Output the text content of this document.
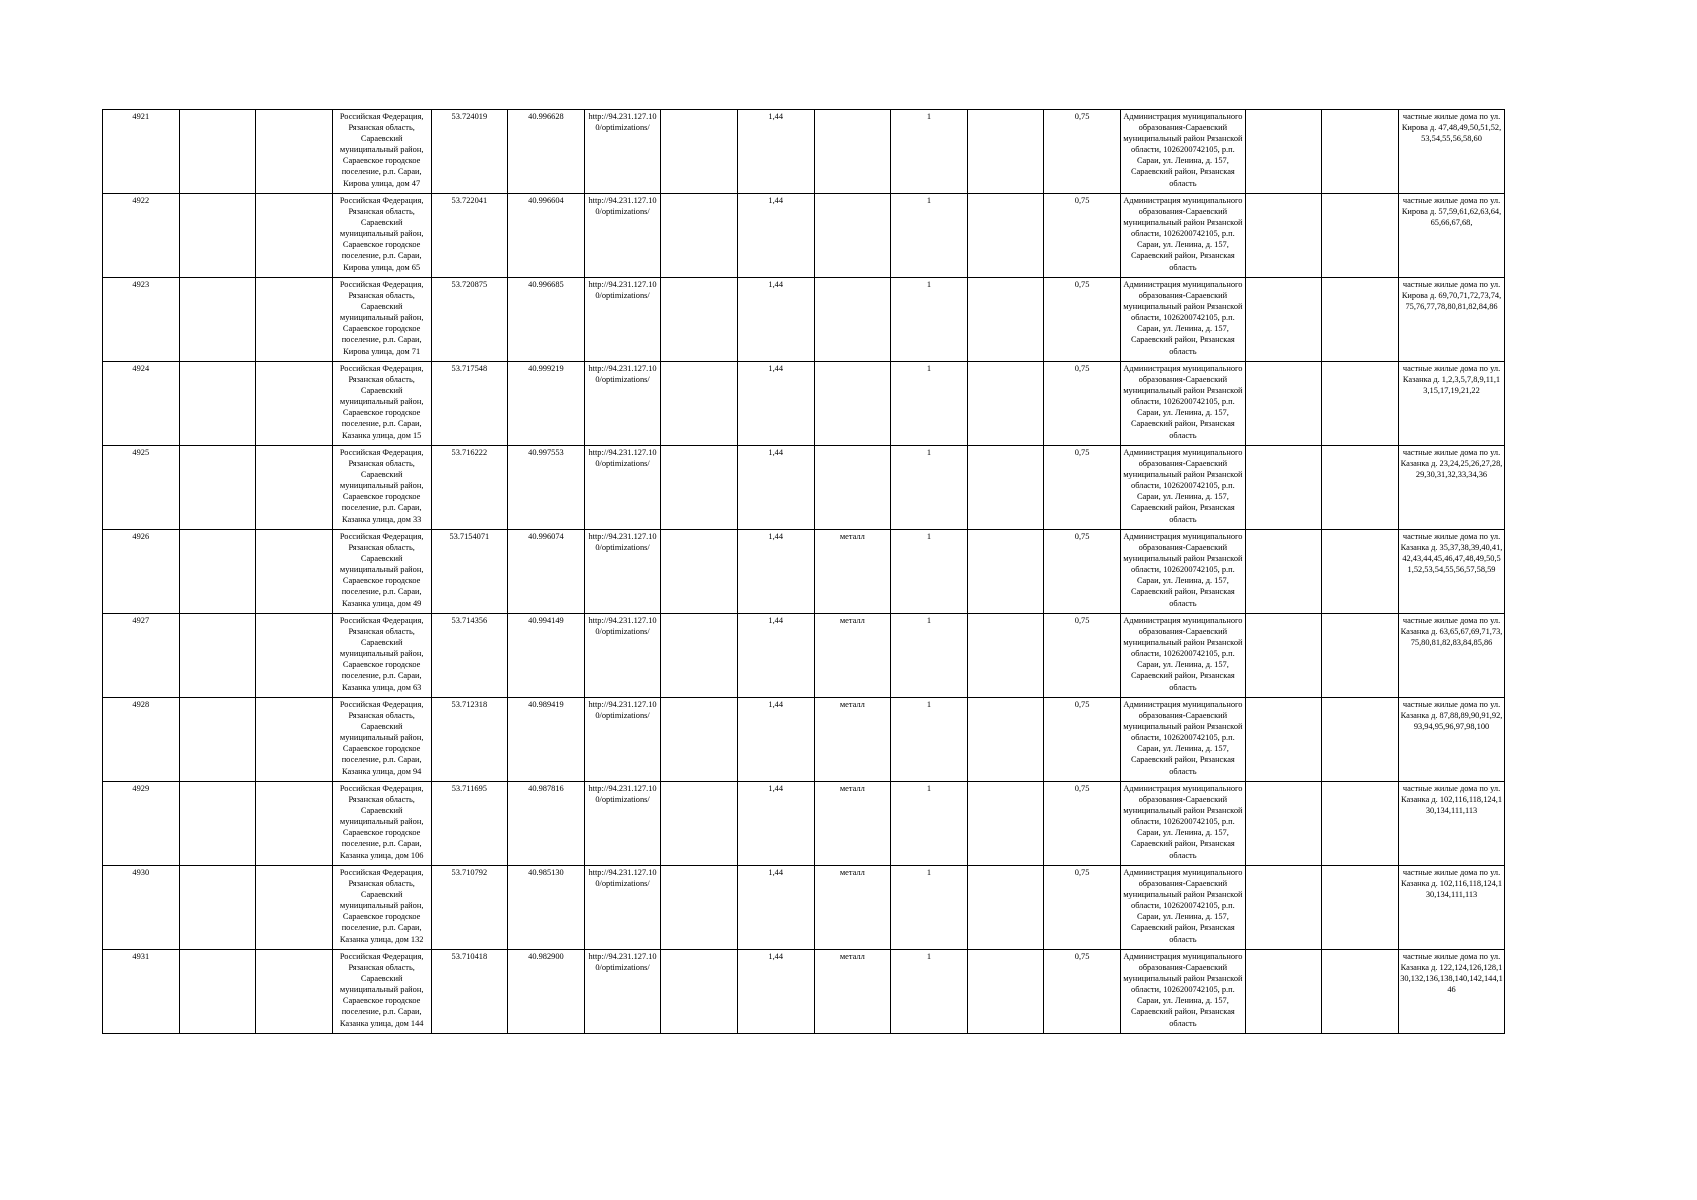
4921			Российская Федерация, Рязанская область, Сараевский муниципальный район, Сараевское городское поселение, р.п. Сараи, Кирова улица, дом 47	53.724019	40.996628	http://94.231.127.100/optimizations/		1,44		1		0,75	Администрация муниципального образования-Сараевский муниципальный район Рязанской области, 1026200742105, р.п. Сараи, ул. Ленина, д. 157, Сараевский район, Рязанская область			частные жилые дома по ул. Кирова д. 47,48,49,50,51,52,53,54,55,56,58,60
4922			Российская Федерация, Рязанская область, Сараевский муниципальный район, Сараевское городское поселение, р.п. Сараи, Кирова улица, дом 65	53.722041	40.996604	http://94.231.127.100/optimizations/		1,44		1		0,75	Администрация муниципального образования-Сараевский муниципальный район Рязанской области, 1026200742105, р.п. Сараи, ул. Ленина, д. 157, Сараевский район, Рязанская область			частные жилые дома по ул. Кирова д. 57,59,61,62,63,64,65,66,67,68,
4923			Российская Федерация, Рязанская область, Сараевский муниципальный район, Сараевское городское поселение, р.п. Сараи, Кирова улица, дом 71	53.720875	40.996685	http://94.231.127.100/optimizations/		1,44		1		0,75	Администрация муниципального образования-Сараевский муниципальный район Рязанской области, 1026200742105, р.п. Сараи, ул. Ленина, д. 157, Сараевский район, Рязанская область			частные жилые дома по ул. Кирова д. 69,70,71,72,73,74,75,76,77,78,80,81,82,84,86
4924			Российская Федерация, Рязанская область, Сараевский муниципальный район, Сараевское городское поселение, р.п. Сараи, Казанка улица, дом 15	53.717548	40.999219	http://94.231.127.100/optimizations/		1,44		1		0,75	Администрация муниципального образования-Сараевский муниципальный район Рязанской области, 1026200742105, р.п. Сараи, ул. Ленина, д. 157, Сараевский район, Рязанская область			частные жилые дома по ул. Казанка д. 1,2,3,5,7,8,9,11,13,15,17,19,21,22
4925			Российская Федерация, Рязанская область, Сараевский муниципальный район, Сараевское городское поселение, р.п. Сараи, Казанка улица, дом 33	53.716222	40.997553	http://94.231.127.100/optimizations/		1,44		1		0,75	Администрация муниципального образования-Сараевский муниципальный район Рязанской области, 1026200742105, р.п. Сараи, ул. Ленина, д. 157, Сараевский район, Рязанская область			частные жилые дома по ул. Казанка д. 23,24,25,26,27,28,29,30,31,32,33,34,36
4926			Российская Федерация, Рязанская область, Сараевский муниципальный район, Сараевское городское поселение, р.п. Сараи, Казанка улица, дом 49	53.7154071	40.996074	http://94.231.127.100/optimizations/		1,44	металл	1		0,75	Администрация муниципального образования-Сараевский муниципальный район Рязанской области, 1026200742105, р.п. Сараи, ул. Ленина, д. 157, Сараевский район, Рязанская область			частные жилые дома по ул. Казанка д. 35,37,38,39,40,41,42,43,44,45,46,47,48,49,50,51,52,53,54,55,56,57,58,59
4927			Российская Федерация, Рязанская область, Сараевский муниципальный район, Сараевское городское поселение, р.п. Сараи, Казанка улица, дом 63	53.714356	40.994149	http://94.231.127.100/optimizations/		1,44	металл	1		0,75	Администрация муниципального образования-Сараевский муниципальный район Рязанской области, 1026200742105, р.п. Сараи, ул. Ленина, д. 157, Сараевский район, Рязанская область			частные жилые дома по ул. Казанка д. 63,65,67,69,71,73,75,80,81,82,83,84,85,86
4928			Российская Федерация, Рязанская область, Сараевский муниципальный район, Сараевское городское поселение, р.п. Сараи, Казанка улица, дом 94	53.712318	40.989419	http://94.231.127.100/optimizations/		1,44	металл	1		0,75	Администрация муниципального образования-Сараевский муниципальный район Рязанской области, 1026200742105, р.п. Сараи, ул. Ленина, д. 157, Сараевский район, Рязанская область			частные жилые дома по ул. Казанка д. 87,88,89,90,91,92,93,94,95,96,97,98,100
4929			Российская Федерация, Рязанская область, Сараевский муниципальный район, Сараевское городское поселение, р.п. Сараи, Казанка улица, дом 106	53.711695	40.987816	http://94.231.127.100/optimizations/		1,44	металл	1		0,75	Администрация муниципального образования-Сараевский муниципальный район Рязанской области, 1026200742105, р.п. Сараи, ул. Ленина, д. 157, Сараевский район, Рязанская область			частные жилые дома по ул. Казанка д. 102,116,118,124,130,134,111,113
4930			Российская Федерация, Рязанская область, Сараевский муниципальный район, Сараевское городское поселение, р.п. Сараи, Казанка улица, дом 132	53.710792	40.985130	http://94.231.127.100/optimizations/		1,44	металл	1		0,75	Администрация муниципального образования-Сараевский муниципальный район Рязанской области, 1026200742105, р.п. Сараи, ул. Ленина, д. 157, Сараевский район, Рязанская область			частные жилые дома по ул. Казанка д. 102,116,118,124,130,134,111,113
4931			Российская Федерация, Рязанская область, Сараевский муниципальный район, Сараевское городское поселение, р.п. Сараи, Казанка улица, дом 144	53.710418	40.982900	http://94.231.127.100/optimizations/		1,44	металл	1		0,75	Администрация муниципального образования-Сараевский муниципальный район Рязанской области, 1026200742105, р.п. Сараи, ул. Ленина, д. 157, Сараевский район, Рязанская область			частные жилые дома по ул. Казанка д. 122,124,126,128,130,132,136,138,140,142,144,146
